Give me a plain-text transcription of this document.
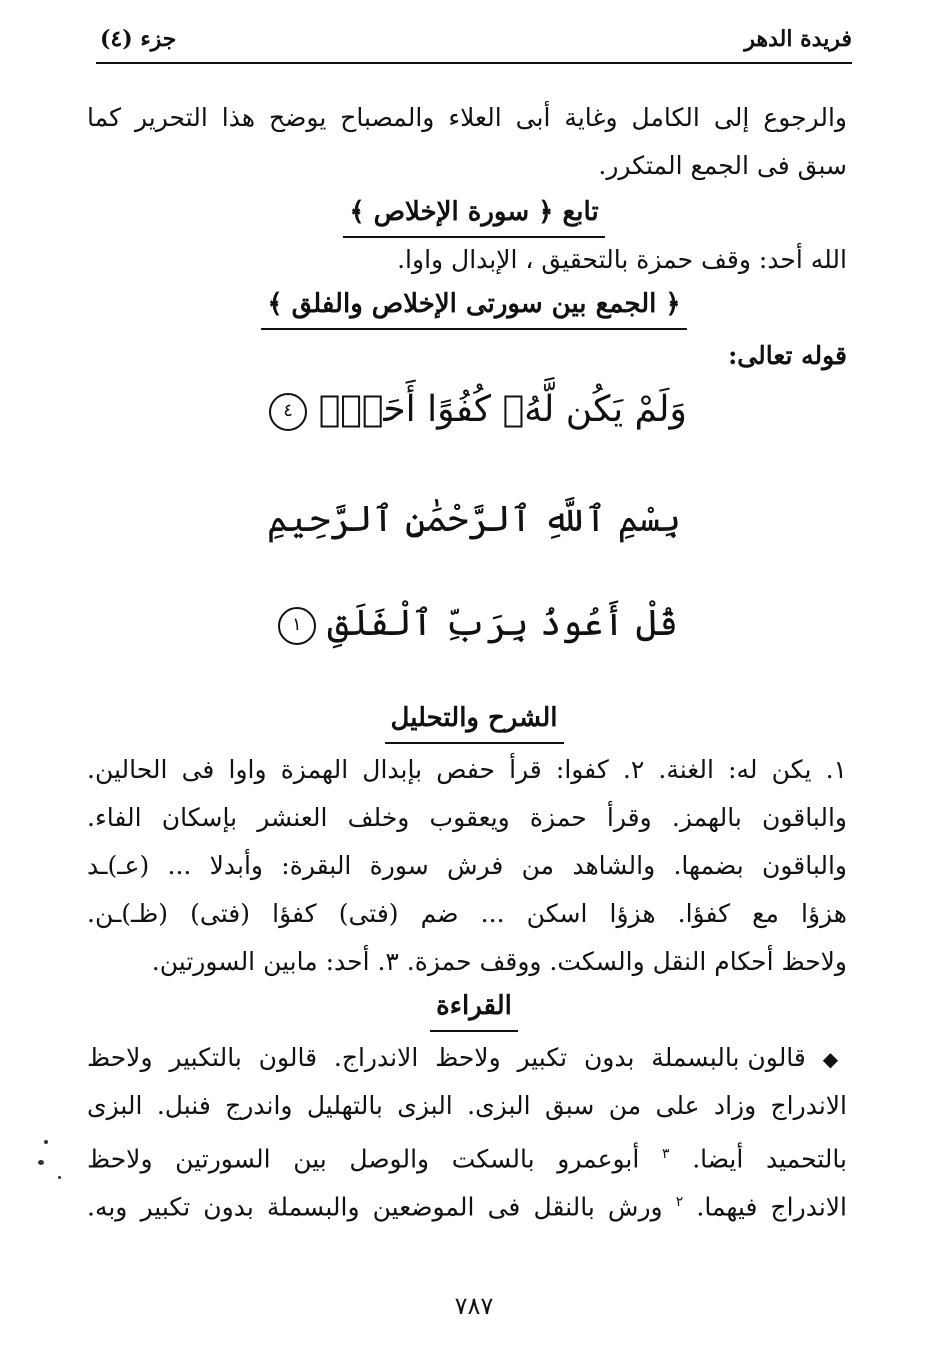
فريدة الدهر
جزء (٤)
والرجوع إلى الكامل وغاية أبى العلاء والمصباح يوضح هذا التحرير كما
سبق فى الجمع المتكرر.
تابع ﴿ سورة الإخلاص ﴾
الله أحد: وقف حمزة بالتحقيق ، الإبدال واوا.
﴿ الجمع بين سورتى الإخلاص والفلق ﴾
قوله تعالى:
وَلَمْ يَكُن لَّهُۥ كُفُوًا أَحَدٌۢ ٤
بِسْمِ ٱللَّهِ ٱلرَّحْمَٰنِ ٱلرَّحِيمِ
قُلْ أَعُوذُ بِرَبِّ ٱلْفَلَقِ ١
الشرح والتحليل
١. يكن له: الغنة. ٢. كفوا: قرأ حفص بإبدال الهمزة واوا فى الحالين.
والباقون بالهمز. وقرأ حمزة ويعقوب وخلف العنشر بإسكان الفاء.
والباقون بضمها. والشاهد من فرش سورة البقرة: وأبدلا ... (عـ)ـد
هزؤا مع كفؤا. هزؤا اسكن ... ضم (فتى) كفؤا (فتى) (ظـ)ـن.
ولاحظ أحكام النقل والسكت. ووقف حمزة. ٣. أحد: مابين السورتين.
القراءة
◆ قالون بالبسملة بدون تكبير ولاحظ الاندراج. قالون بالتكبير ولاحظ
الاندراج وزاد على من سبق البزى. البزى بالتهليل واندرج فنبل. البزى
بالتحميد أيضا. $^٣$ أبوعمرو بالسكت والوصل بين السورتين ولاحظ
الاندراج فيهما. $^٢$ ورش بالنقل فى الموضعين والبسملة بدون تكبير وبه.
٧٨٧
